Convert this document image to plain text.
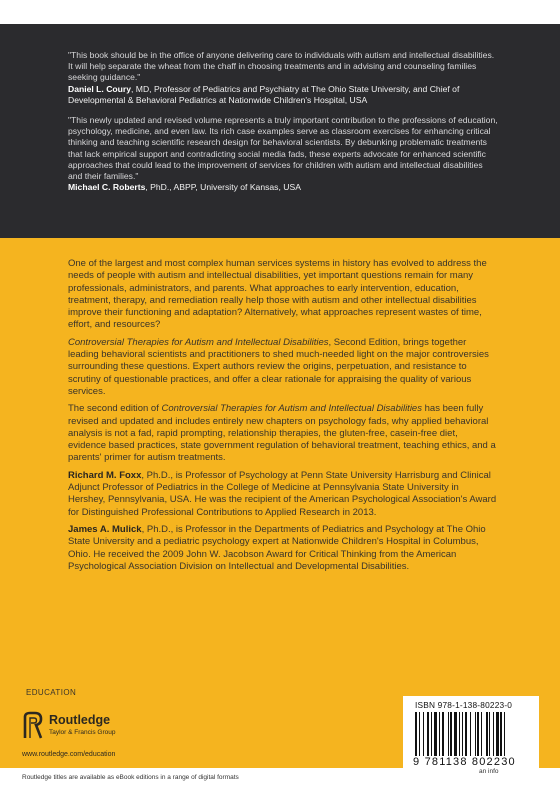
"This book should be in the office of anyone delivering care to individuals with autism and intellectual disabilities. It will help separate the wheat from the chaff in choosing treatments and in advising and counseling families seeking guidance."

Daniel L. Coury, MD, Professor of Pediatrics and Psychiatry at The Ohio State University, and Chief of Developmental & Behavioral Pediatrics at Nationwide Children's Hospital, USA

"This newly updated and revised volume represents a truly important contribution to the professions of education, psychology, medicine, and even law. Its rich case examples serve as classroom exercises for enhancing critical thinking and teaching scientific research design for behavioral scientists. By debunking problematic treatments that lack empirical support and contradicting social media fads, these experts advocate for enhanced scientific approaches that could lead to the improvement of services for children with autism and intellectual disabilities and their families."

Michael C. Roberts, PhD., ABPP, University of Kansas, USA

One of the largest and most complex human services systems in history has evolved to address the needs of people with autism and intellectual disabilities, yet important questions remain for many professionals, administrators, and parents. What approaches to early intervention, education, treatment, therapy, and remediation really help those with autism and other intellectual disabilities improve their functioning and adaptation? Alternatively, what approaches represent wastes of time, effort, and resources?

Controversial Therapies for Autism and Intellectual Disabilities, Second Edition, brings together leading behavioral scientists and practitioners to shed much-needed light on the major controversies surrounding these questions. Expert authors review the origins, perpetuation, and resistance to scrutiny of questionable practices, and offer a clear rationale for appraising the quality of various services.

The second edition of Controversial Therapies for Autism and Intellectual Disabilities has been fully revised and updated and includes entirely new chapters on psychology fads, why applied behavioral analysis is not a fad, rapid prompting, relationship therapies, the gluten-free, casein-free diet, evidence based practices, state government regulation of behavioral treatment, teaching ethics, and a parents' primer for autism treatments.

Richard M. Foxx, Ph.D., is Professor of Psychology at Penn State University Harrisburg and Clinical Adjunct Professor of Pediatrics in the College of Medicine at Pennsylvania State University in Hershey, Pennsylvania, USA. He was the recipient of the American Psychological Association's Award for Distinguished Professional Contributions to Applied Research in 2013.

James A. Mulick, Ph.D., is Professor in the Departments of Pediatrics and Psychology at The Ohio State University and a pediatric psychology expert at Nationwide Children's Hospital in Columbus, Ohio. He received the 2009 John W. Jacobson Award for Critical Thinking from the American Psychological Association Division on Intellectual and Developmental Disabilities.

EDUCATION
Routledge
Taylor & Francis Group
www.routledge.com/education
ISBN 978-1-138-80223-0
9 781138 802230
Routledge titles are available as eBook editions in a range of digital formats
an info
